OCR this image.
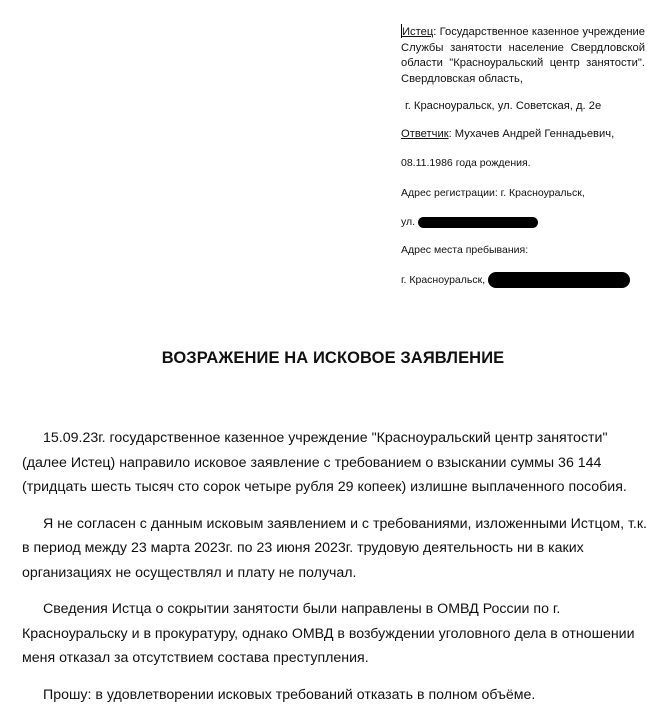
Истец: Государственное казенное учреждение Службы занятости население Свердловской области "Красноуральский центр занятости". Свердловская область,

г. Красноуральск, ул. Советская, д. 2е

Ответчик: Мухачев Андрей Геннадьевич,

08.11.1986 года рождения.

Адрес регистрации: г. Красноуральск,

ул.

Адрес места пребывания:

г. Красноуральск,

ВОЗРАЖЕНИЕ НА ИСКОВОЕ ЗАЯВЛЕНИЕ

15.09.23г. государственное казенное учреждение "Красноуральский центр занятости" (далее Истец) направило исковое заявление с требованием о взыскании суммы 36 144 (тридцать шесть тысяч сто сорок четыре рубля 29 копеек) излишне выплаченного пособия.

Я не согласен с данным исковым заявлением и с требованиями, изложенными Истцом, т.к. в период между 23 марта 2023г. по 23 июня 2023г. трудовую деятельность ни в каких организациях не осуществлял и плату не получал.

Сведения Истца о сокрытии занятости были направлены в ОМВД России по г. Красноуральску и в прокуратуру, однако ОМВД в возбуждении уголовного дела в отношении меня отказал за отсутствием состава преступления.

Прошу: в удовлетворении исковых требований отказать в полном объёме.
